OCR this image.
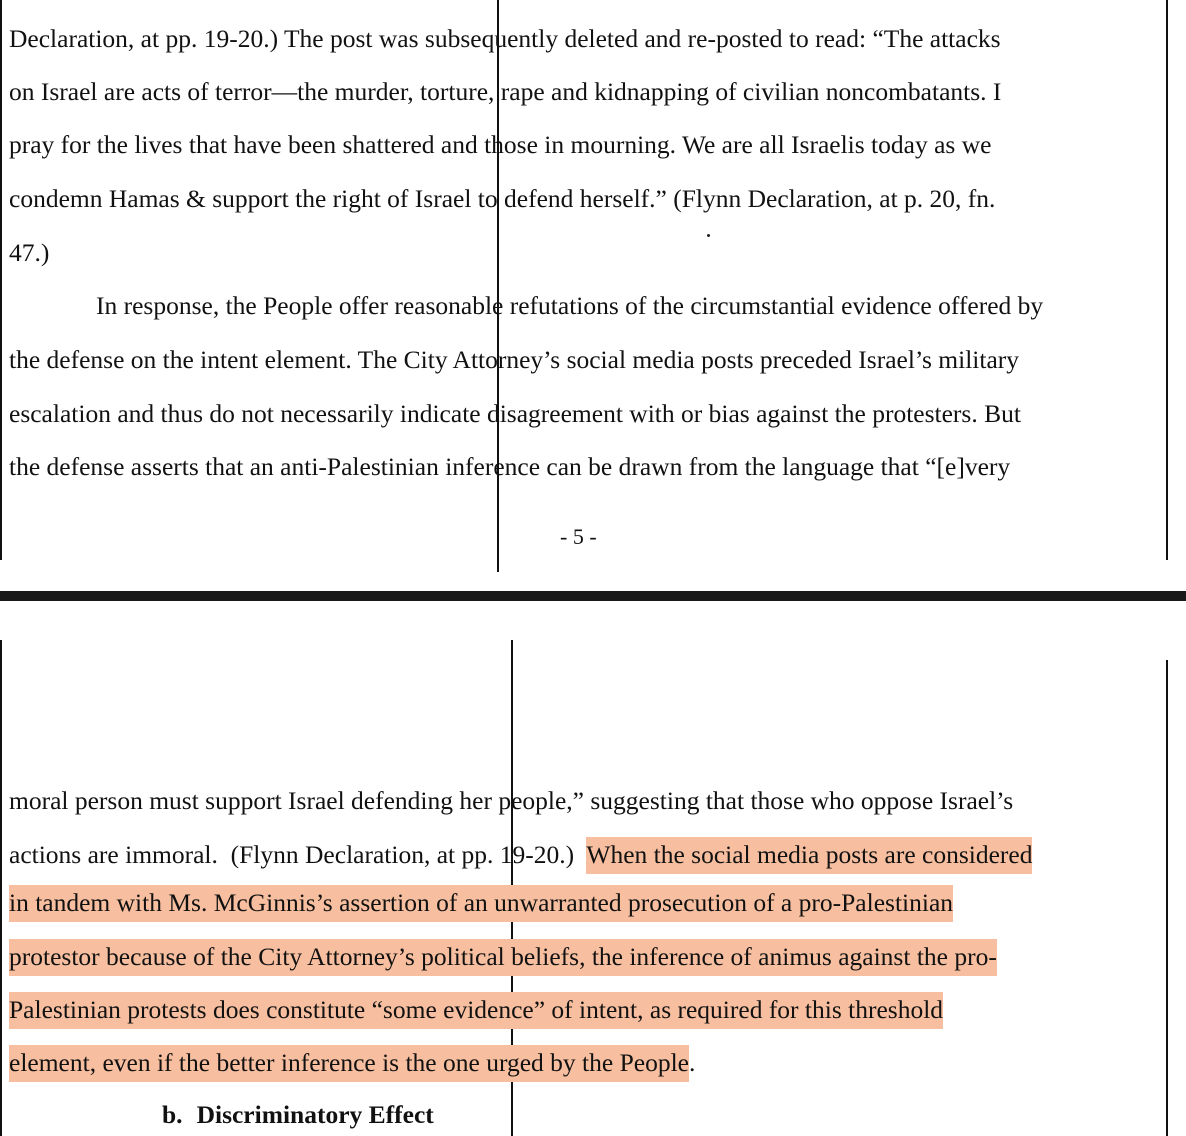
Declaration, at pp. 19-20.) The post was subsequently deleted and re-posted to read: “The attacks
on Israel are acts of terror—the murder, torture, rape and kidnapping of civilian noncombatants. I
pray for the lives that have been shattered and those in mourning. We are all Israelis today as we
condemn Hamas & support the right of Israel to defend herself.” (Flynn Declaration, at p. 20, fn.
47.)
In response, the People offer reasonable refutations of the circumstantial evidence offered by
the defense on the intent element. The City Attorney’s social media posts preceded Israel’s military
escalation and thus do not necessarily indicate disagreement with or bias against the protesters. But
the defense asserts that an anti-Palestinian inference can be drawn from the language that “[e]very
- 5 -
moral person must support Israel defending her people,” suggesting that those who oppose Israel’s
actions are immoral.  (Flynn Declaration, at pp. 19-20.)  When the social media posts are considered
in tandem with Ms. McGinnis’s assertion of an unwarranted prosecution of a pro-Palestinian
protestor because of the City Attorney’s political beliefs, the inference of animus against the pro-
Palestinian protests does constitute “some evidence” of intent, as required for this threshold
element, even if the better inference is the one urged by the People.
b. Discriminatory Effect
